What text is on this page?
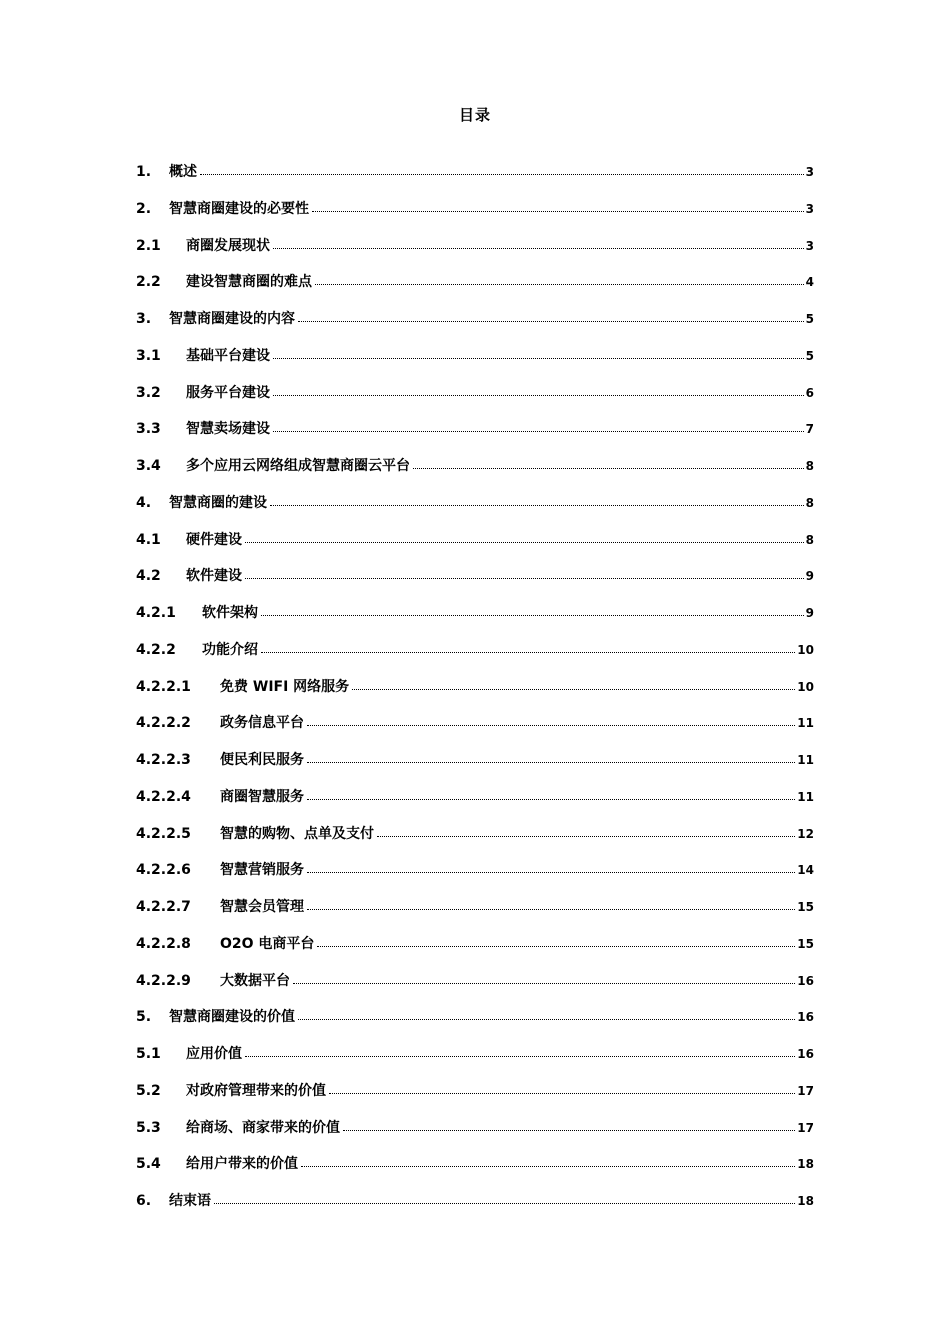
目录
1.	概述	3
2.	智慧商圈建设的必要性	3
2.1	商圈发展现状	3
2.2	建设智慧商圈的难点	4
3.	智慧商圈建设的内容	5
3.1	基础平台建设	5
3.2	服务平台建设	6
3.3	智慧卖场建设	7
3.4	多个应用云网络组成智慧商圈云平台	8
4.	智慧商圈的建设	8
4.1	硬件建设	8
4.2	软件建设	9
4.2.1	软件架构	9
4.2.2	功能介绍	10
4.2.2.1	免费 WIFI 网络服务	10
4.2.2.2	政务信息平台	11
4.2.2.3	便民利民服务	11
4.2.2.4	商圈智慧服务	11
4.2.2.5	智慧的购物、点单及支付	12
4.2.2.6	智慧营销服务	14
4.2.2.7	智慧会员管理	15
4.2.2.8	O2O 电商平台	15
4.2.2.9	大数据平台	16
5.	智慧商圈建设的价值	16
5.1	应用价值	16
5.2	对政府管理带来的价值	17
5.3	给商场、商家带来的价值	17
5.4	给用户带来的价值	18
6.	结束语	18
